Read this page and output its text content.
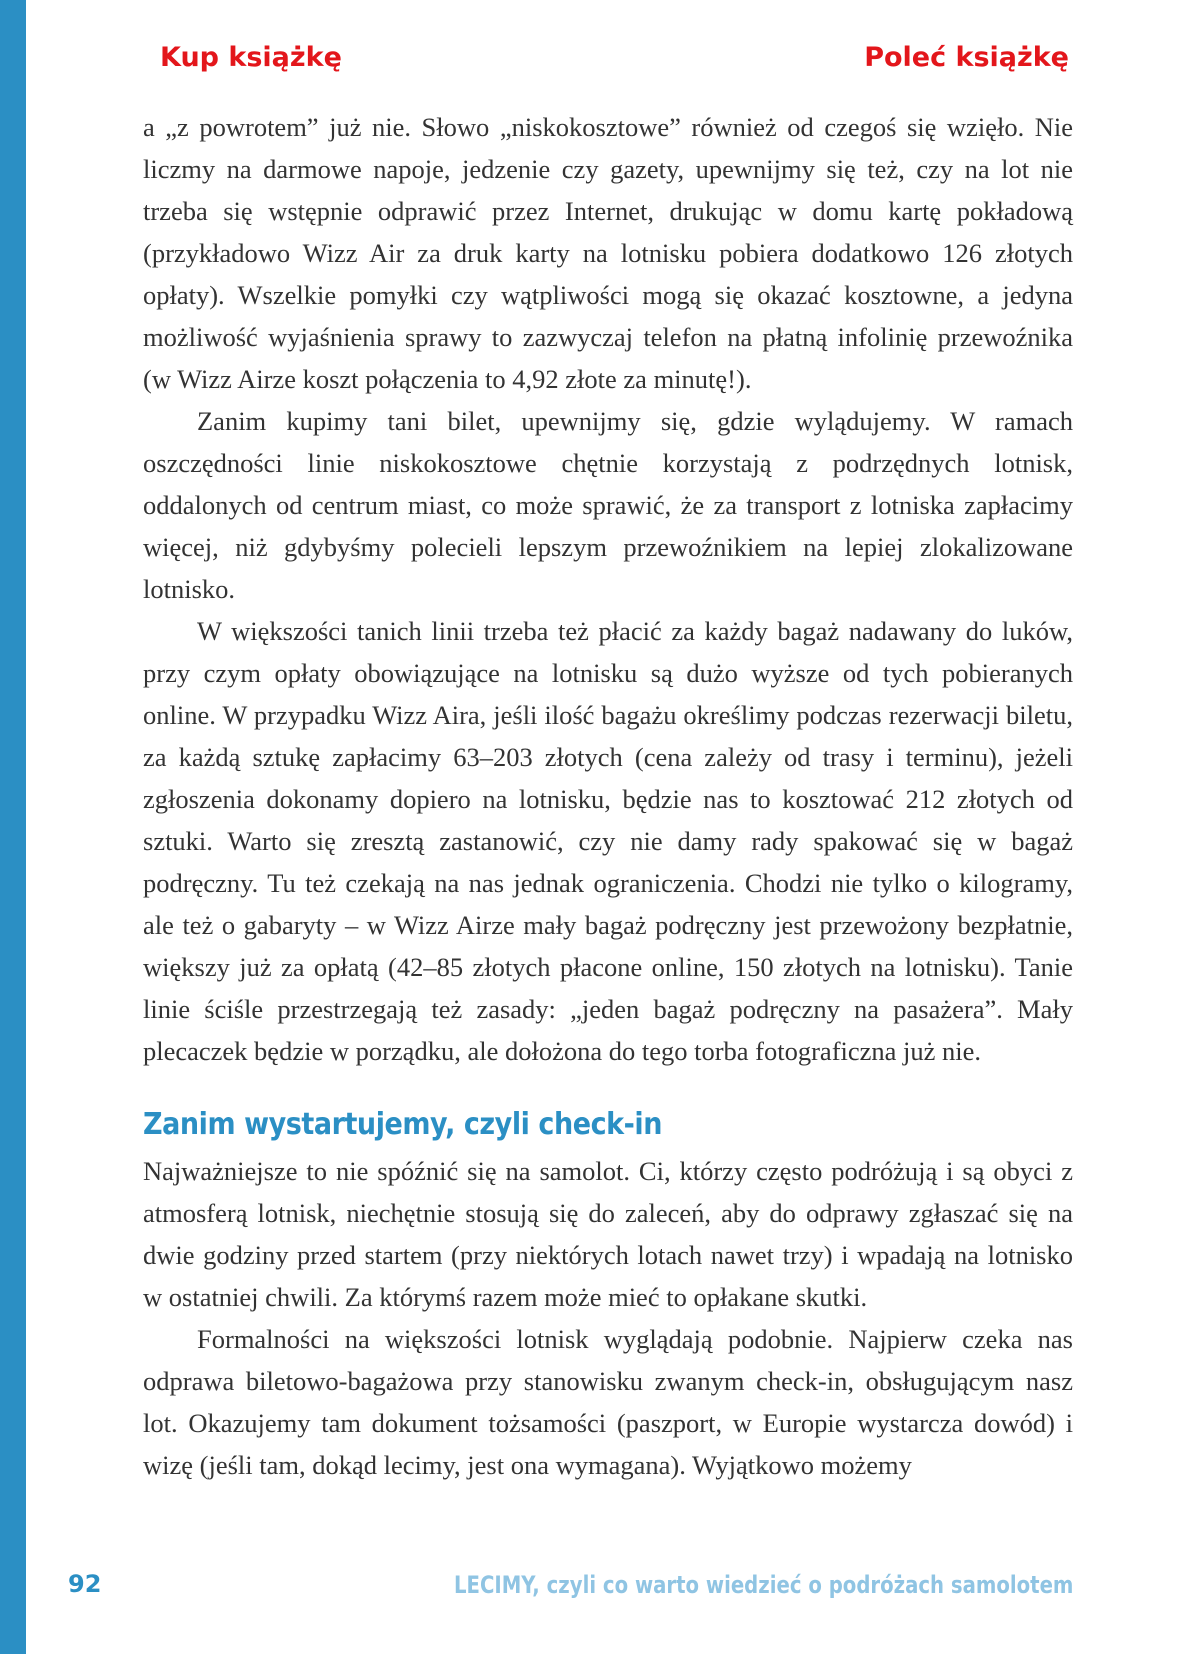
Kup książkę	Poleć książkę

a „z powrotem” już nie. Słowo „niskokosztowe” również od czegoś się wzięło. Nie liczmy na darmowe napoje, jedzenie czy gazety, upewnijmy się też, czy na lot nie trzeba się wstępnie odprawić przez Internet, drukując w domu kartę pokładową (przykładowo Wizz Air za druk karty na lotnisku pobiera dodatkowo 126 złotych opłaty). Wszelkie pomyłki czy wątpliwości mogą się okazać kosztowne, a jedyna możliwość wyjaśnienia sprawy to zazwyczaj telefon na płatną infolinię przewoźnika (w Wizz Airze koszt połączenia to 4,92 złote za minutę!).

Zanim kupimy tani bilet, upewnijmy się, gdzie wylądujemy. W ramach oszczędności linie niskokosztowe chętnie korzystają z podrzędnych lotnisk, oddalonych od centrum miast, co może sprawić, że za transport z lotniska zapłacimy więcej, niż gdybyśmy polecieli lepszym przewoźnikiem na lepiej zlokalizowane lotnisko.

W większości tanich linii trzeba też płacić za każdy bagaż nadawany do luków, przy czym opłaty obowiązujące na lotnisku są dużo wyższe od tych pobieranych online. W przypadku Wizz Aira, jeśli ilość bagażu określimy podczas rezerwacji biletu, za każdą sztukę zapłacimy 63–203 złotych (cena zależy od trasy i terminu), jeżeli zgłoszenia dokonamy dopiero na lotnisku, będzie nas to kosztować 212 złotych od sztuki. Warto się zresztą zastanowić, czy nie damy rady spakować się w bagaż podręczny. Tu też czekają na nas jednak ograniczenia. Chodzi nie tylko o kilogramy, ale też o gabaryty – w Wizz Airze mały bagaż podręczny jest przewożony bezpłatnie, większy już za opłatą (42–85 złotych płacone online, 150 złotych na lotnisku). Tanie linie ściśle przestrzegają też zasady: „jeden bagaż podręczny na pasażera”. Mały plecaczek będzie w porządku, ale dołożona do tego torba fotograficzna już nie.

Zanim wystartujemy, czyli check-in

Najważniejsze to nie spóźnić się na samolot. Ci, którzy często podróżują i są obyci z atmosferą lotnisk, niechętnie stosują się do zaleceń, aby do odprawy zgłaszać się na dwie godziny przed startem (przy niektórych lotach nawet trzy) i wpadają na lotnisko w ostatniej chwili. Za którymś razem może mieć to opłakane skutki.

Formalności na większości lotnisk wyglądają podobnie. Najpierw czeka nas odprawa biletowo-bagażowa przy stanowisku zwanym check-in, obsługującym nasz lot. Okazujemy tam dokument tożsamości (paszport, w Europie wystarcza dowód) i wizę (jeśli tam, dokąd lecimy, jest ona wymagana). Wyjątkowo możemy

92	LECIMY, czyli co warto wiedzieć o podróżach samolotem
